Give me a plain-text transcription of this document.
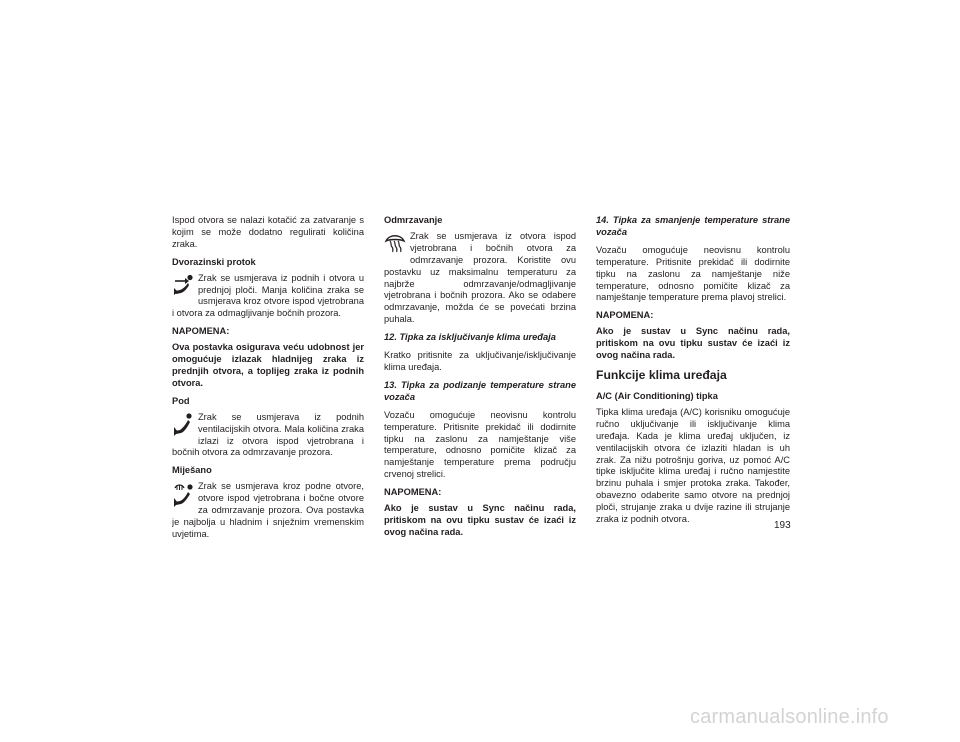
Ispod otvora se nalazi kotačić za zatvaranje s kojim se može dodatno regulirati količina zraka.

Dvorazinski protok

Zrak se usmjerava iz podnih i otvora u prednjoj ploči. Manja količina zraka se usmjerava kroz otvore ispod vjetrobrana i otvora za odmagljivanje bočnih prozora.

NAPOMENA:

Ova postavka osigurava veću udobnost jer omogućuje izlazak hladnijeg zraka iz prednjih otvora, a toplijeg zraka iz podnih otvora.

Pod

Zrak se usmjerava iz podnih ventilacijskih otvora. Mala količina zraka izlazi iz otvora ispod vjetrobrana i bočnih otvora za odmrzavanje prozora.

Miješano

Zrak se usmjerava kroz podne otvore, otvore ispod vjetrobrana i bočne otvore za odmrzavanje prozora. Ova postavka je najbolja u hladnim i snježnim vremenskim uvjetima.

Odmrzavanje

Zrak se usmjerava iz otvora ispod vjetrobrana i bočnih otvora za odmrzavanje prozora. Koristite ovu postavku uz maksimalnu temperaturu za najbrže odmrzavanje/odmagljivanje vjetrobrana i bočnih prozora. Ako se odabere odmrzavanje, možda će se povećati brzina puhala.

12. Tipka za isključivanje klima uređaja

Kratko pritisnite za uključivanje/isključivanje klima uređaja.

13. Tipka za podizanje temperature strane vozača

Vozaču omogućuje neovisnu kontrolu temperature. Pritisnite prekidač ili dodirnite tipku na zaslonu za namještanje više temperature, odnosno pomičite klizač za namještanje temperature prema području crvenoj strelici.

NAPOMENA:

Ako je sustav u Sync načinu rada, pritiskom na ovu tipku sustav će izaći iz ovog načina rada.

14. Tipka za smanjenje temperature strane vozača

Vozaču omogućuje neovisnu kontrolu temperature. Pritisnite prekidač ili dodirnite tipku na zaslonu za namještanje niže temperature, odnosno pomičite klizač za namještanje temperature prema plavoj strelici.

NAPOMENA:

Ako je sustav u Sync načinu rada, pritiskom na ovu tipku sustav će izaći iz ovog načina rada.

Funkcije klima uređaja

A/C (Air Conditioning) tipka

Tipka klima uređaja (A/C) korisniku omogućuje ručno uključivanje ili isključivanje klima uređaja. Kada je klima uređaj uključen, iz ventilacijskih otvora će izlaziti hladan is uh zrak. Za nižu potrošnju goriva, uz pomoć A/C tipke isključite klima uređaj i ručno namjestite brzinu puhala i smjer protoka zraka. Također, obavezno odaberite samo otvore na prednjoj ploči, strujanje zraka u dvije razine ili strujanje zraka iz podnih otvora.

193
carmanualsonline.info
